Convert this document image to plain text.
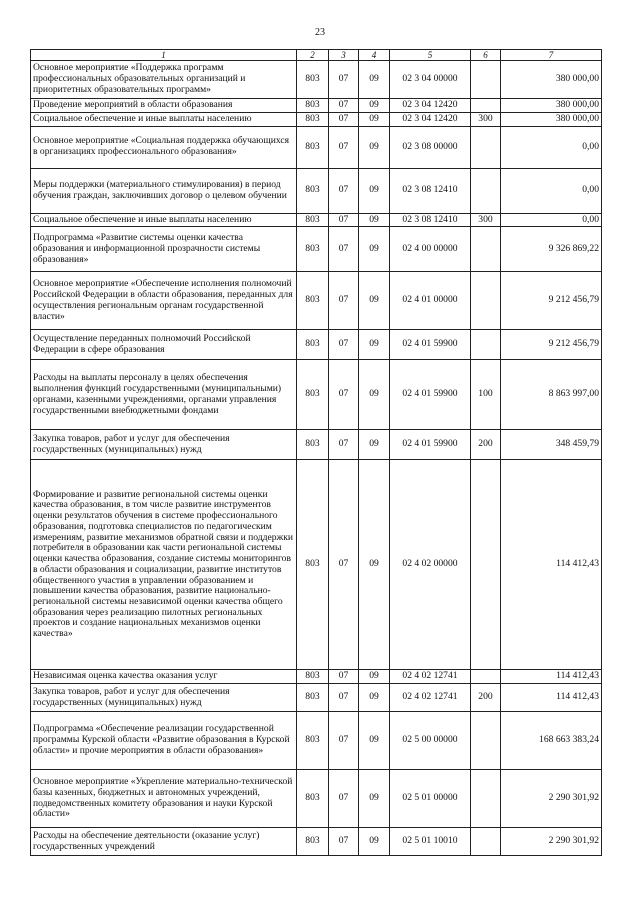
23
1	2	3	4	5	6	7
Основное мероприятие «Поддержка программ профессиональных образовательных организаций и приоритетных образовательных программ»	803	07	09	02 3 04 00000		380 000,00
Проведение мероприятий в области образования	803	07	09	02 3 04 12420		380 000,00
Социальное обеспечение и иные выплаты населению	803	07	09	02 3 04 12420	300	380 000,00
Основное мероприятие «Социальная поддержка обучающихся в организациях профессионального образования»	803	07	09	02 3 08 00000		0,00
Меры поддержки (материального стимулирования) в период обучения граждан, заключивших договор о целевом обучении	803	07	09	02 3 08 12410		0,00
Социальное обеспечение и иные выплаты населению	803	07	09	02 3 08 12410	300	0,00
Подпрограмма «Развитие системы оценки качества образования и информационной прозрачности системы образования»	803	07	09	02 4 00 00000		9 326 869,22
Основное мероприятие «Обеспечение исполнения полномочий Российской Федерации в области образования, переданных для осуществления региональным органам государственной власти»	803	07	09	02 4 01 00000		9 212 456,79
Осуществление переданных полномочий Российской Федерации в сфере образования	803	07	09	02 4 01 59900		9 212 456,79
Расходы на выплаты персоналу в целях обеспечения выполнения функций государственными (муниципальными) органами, казенными учреждениями, органами управления государственными внебюджетными фондами	803	07	09	02 4 01 59900	100	8 863 997,00
Закупка товаров, работ и услуг для обеспечения государственных (муниципальных) нужд	803	07	09	02 4 01 59900	200	348 459,79
Формирование и развитие региональной системы оценки качества образования, в том числе развитие инструментов оценки результатов обучения в системе профессионального образования, подготовка специалистов по педагогическим измерениям, развитие механизмов обратной связи и поддержки потребителя в образовании как части региональной системы оценки качества образования, создание системы мониторингов в области образования и социализации, развитие институтов общественного участия в управлении образованием и повышении качества образования, развитие национально-региональной системы независимой оценки качества общего образования через реализацию пилотных региональных проектов и создание национальных механизмов оценки качества»	803	07	09	02 4 02 00000		114 412,43
Независимая оценка качества оказания услуг	803	07	09	02 4 02 12741		114 412,43
Закупка товаров, работ и услуг для обеспечения государственных (муниципальных) нужд	803	07	09	02 4 02 12741	200	114 412,43
Подпрограмма «Обеспечение реализации государственной программы Курской области «Развитие образования в Курской области» и прочие мероприятия в области образования»	803	07	09	02 5 00 00000		168 663 383,24
Основное мероприятие «Укрепление материально-технической базы казенных, бюджетных и автономных учреждений, подведомственных комитету образования и науки Курской области»	803	07	09	02 5 01 00000		2 290 301,92
Расходы на обеспечение деятельности (оказание услуг) государственных учреждений	803	07	09	02 5 01 10010		2 290 301,92
